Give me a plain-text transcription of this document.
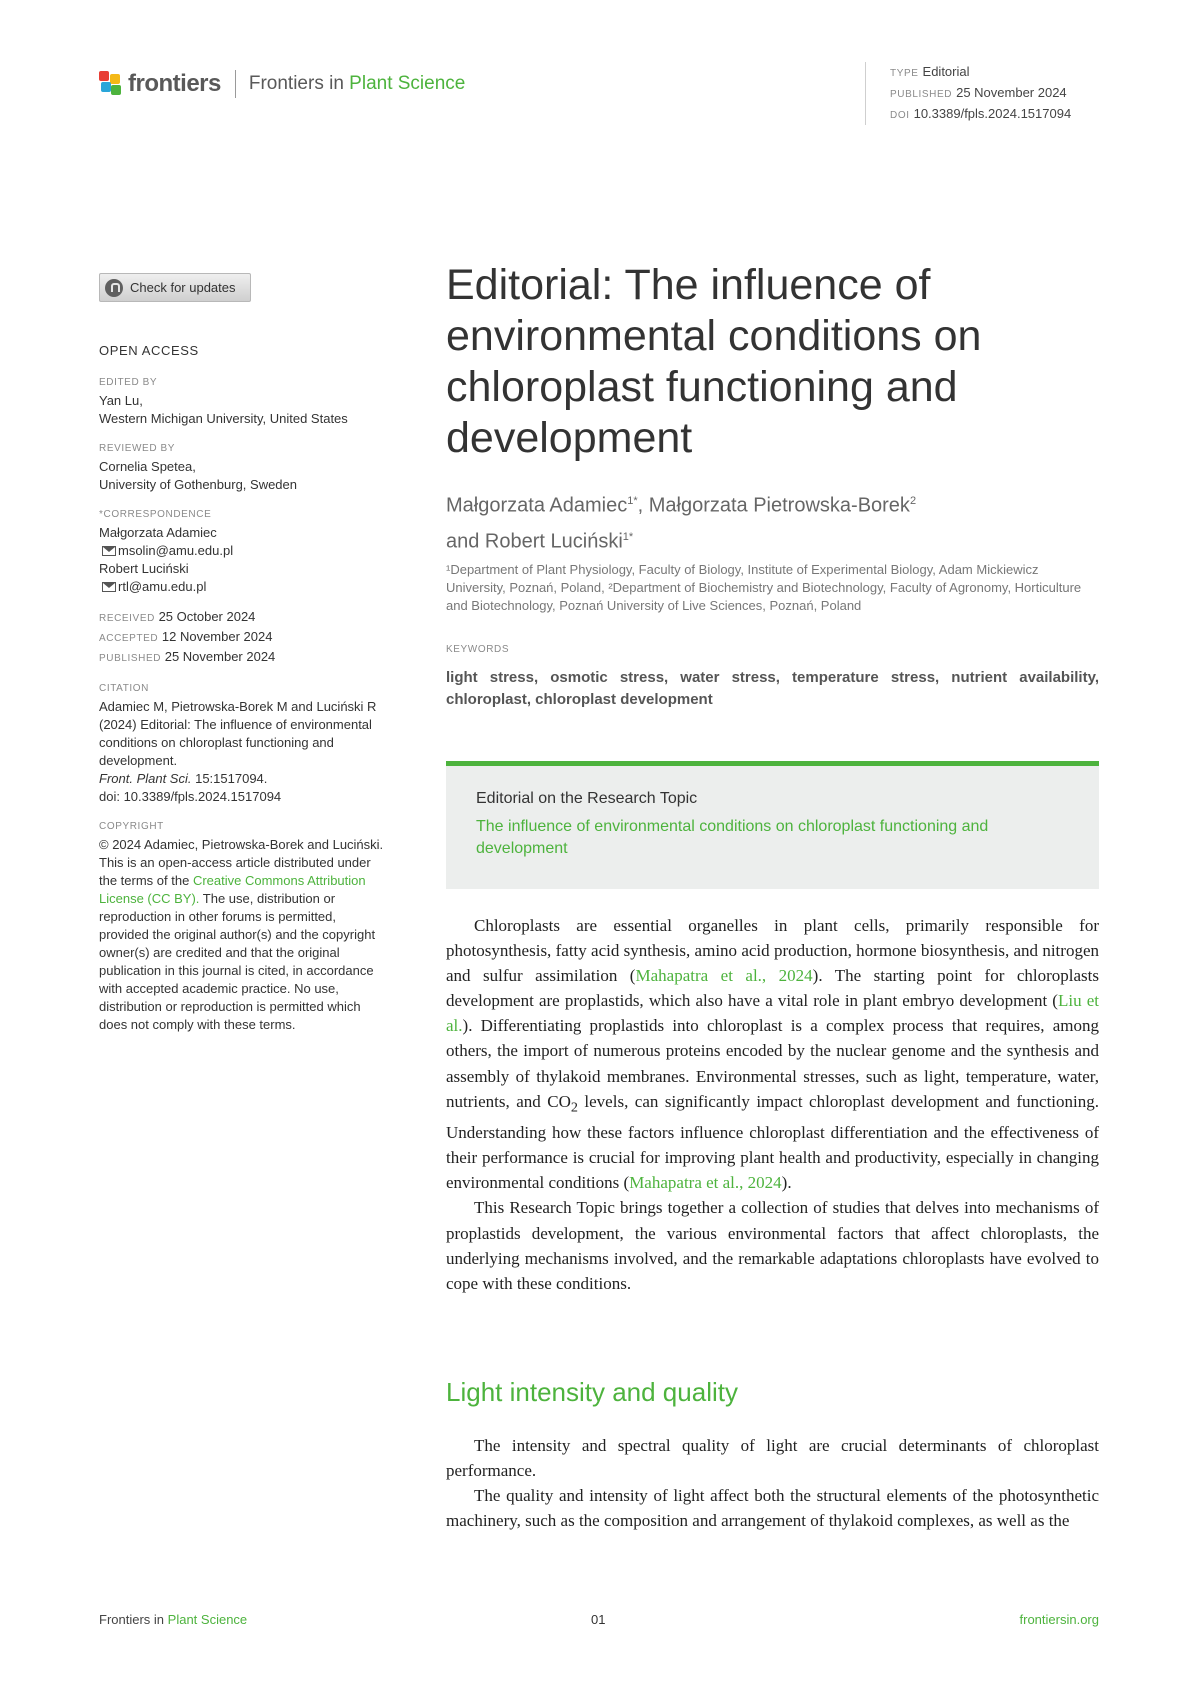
frontiers Frontiers in Plant Science	TYPE Editorial
PUBLISHED 25 November 2024
DOI 10.3389/fpls.2024.1517094
Check for updates
OPEN ACCESS
EDITED BY
Yan Lu,
Western Michigan University, United States
REVIEWED BY
Cornelia Spetea,
University of Gothenburg, Sweden
*CORRESPONDENCE
Małgorzata Adamiec
msolin@amu.edu.pl
Robert Luciński
rtl@amu.edu.pl
RECEIVED 25 October 2024
ACCEPTED 12 November 2024
PUBLISHED 25 November 2024
CITATION
Adamiec M, Pietrowska-Borek M and Luciński R (2024) Editorial: The influence of environmental conditions on chloroplast functioning and development.
Front. Plant Sci. 15:1517094.
doi: 10.3389/fpls.2024.1517094
COPYRIGHT
© 2024 Adamiec, Pietrowska-Borek and Luciński. This is an open-access article distributed under the terms of the Creative Commons Attribution License (CC BY). The use, distribution or reproduction in other forums is permitted, provided the original author(s) and the copyright owner(s) are credited and that the original publication in this journal is cited, in accordance with accepted academic practice. No use, distribution or reproduction is permitted which does not comply with these terms.
Editorial: The influence of environmental conditions on chloroplast functioning and development
Małgorzata Adamiec$^{1*}$, Małgorzata Pietrowska-Borek$^2$
and Robert Luciński$^{1*}$
¹Department of Plant Physiology, Faculty of Biology, Institute of Experimental Biology, Adam Mickiewicz University, Poznań, Poland, ²Department of Biochemistry and Biotechnology, Faculty of Agronomy, Horticulture and Biotechnology, Poznań University of Live Sciences, Poznań, Poland
KEYWORDS
light stress, osmotic stress, water stress, temperature stress, nutrient availability, chloroplast, chloroplast development
Editorial on the Research Topic
The influence of environmental conditions on chloroplast functioning and development

Chloroplasts are essential organelles in plant cells, primarily responsible for photosynthesis, fatty acid synthesis, amino acid production, hormone biosynthesis, and nitrogen and sulfur assimilation (Mahapatra et al., 2024). The starting point for chloroplasts development are proplastids, which also have a vital role in plant embryo development (Liu et al.). Differentiating proplastids into chloroplast is a complex process that requires, among others, the import of numerous proteins encoded by the nuclear genome and the synthesis and assembly of thylakoid membranes. Environmental stresses, such as light, temperature, water, nutrients, and $CO_2$ levels, can significantly impact chloroplast development and functioning. Understanding how these factors influence chloroplast differentiation and the effectiveness of their performance is crucial for improving plant health and productivity, especially in changing environmental conditions (Mahapatra et al., 2024).

This Research Topic brings together a collection of studies that delves into mechanisms of proplastids development, the various environmental factors that affect chloroplasts, the underlying mechanisms involved, and the remarkable adaptations chloroplasts have evolved to cope with these conditions.

Light intensity and quality

The intensity and spectral quality of light are crucial determinants of chloroplast performance.

The quality and intensity of light affect both the structural elements of the photosynthetic machinery, such as the composition and arrangement of thylakoid complexes, as well as the

Frontiers in Plant Science	01	frontiersin.org
